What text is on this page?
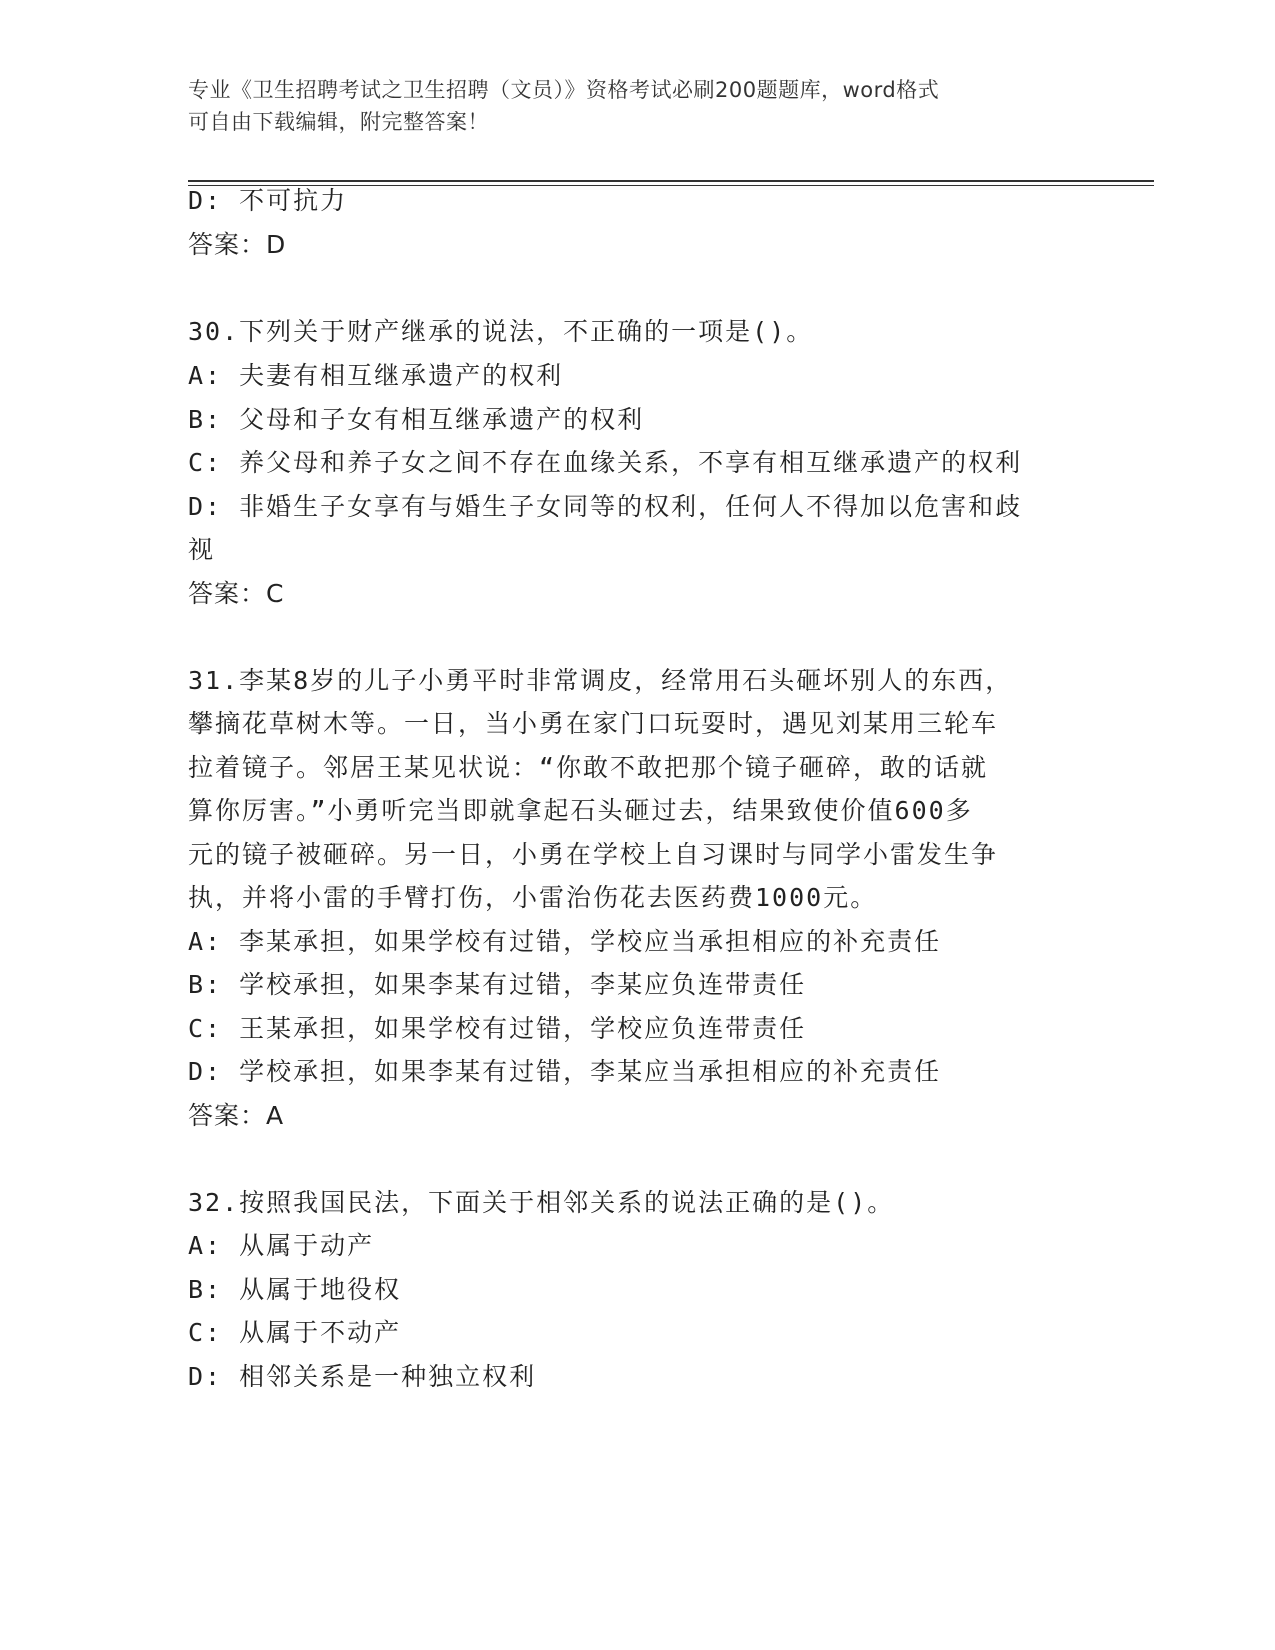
专业《卫生招聘考试之卫生招聘（文员）》资格考试必刷200题题库，word格式
可自由下载编辑，附完整答案！
D: 不可抗力
答案：D
30.下列关于财产继承的说法，不正确的一项是()。
A: 夫妻有相互继承遗产的权利
B: 父母和子女有相互继承遗产的权利
C: 养父母和养子女之间不存在血缘关系，不享有相互继承遗产的权利
D: 非婚生子女享有与婚生子女同等的权利，任何人不得加以危害和歧
视
答案：C
31.李某8岁的儿子小勇平时非常调皮，经常用石头砸坏别人的东西，
攀摘花草树木等。一日，当小勇在家门口玩耍时，遇见刘某用三轮车
拉着镜子。邻居王某见状说：“你敢不敢把那个镜子砸碎，敢的话就
算你厉害。”小勇听完当即就拿起石头砸过去，结果致使价值600多
元的镜子被砸碎。另一日，小勇在学校上自习课时与同学小雷发生争
执，并将小雷的手臂打伤，小雷治伤花去医药费1000元。
A: 李某承担，如果学校有过错，学校应当承担相应的补充责任
B: 学校承担，如果李某有过错，李某应负连带责任
C: 王某承担，如果学校有过错，学校应负连带责任
D: 学校承担，如果李某有过错，李某应当承担相应的补充责任
答案：A
32.按照我国民法，下面关于相邻关系的说法正确的是()。
A: 从属于动产
B: 从属于地役权
C: 从属于不动产
D: 相邻关系是一种独立权利
